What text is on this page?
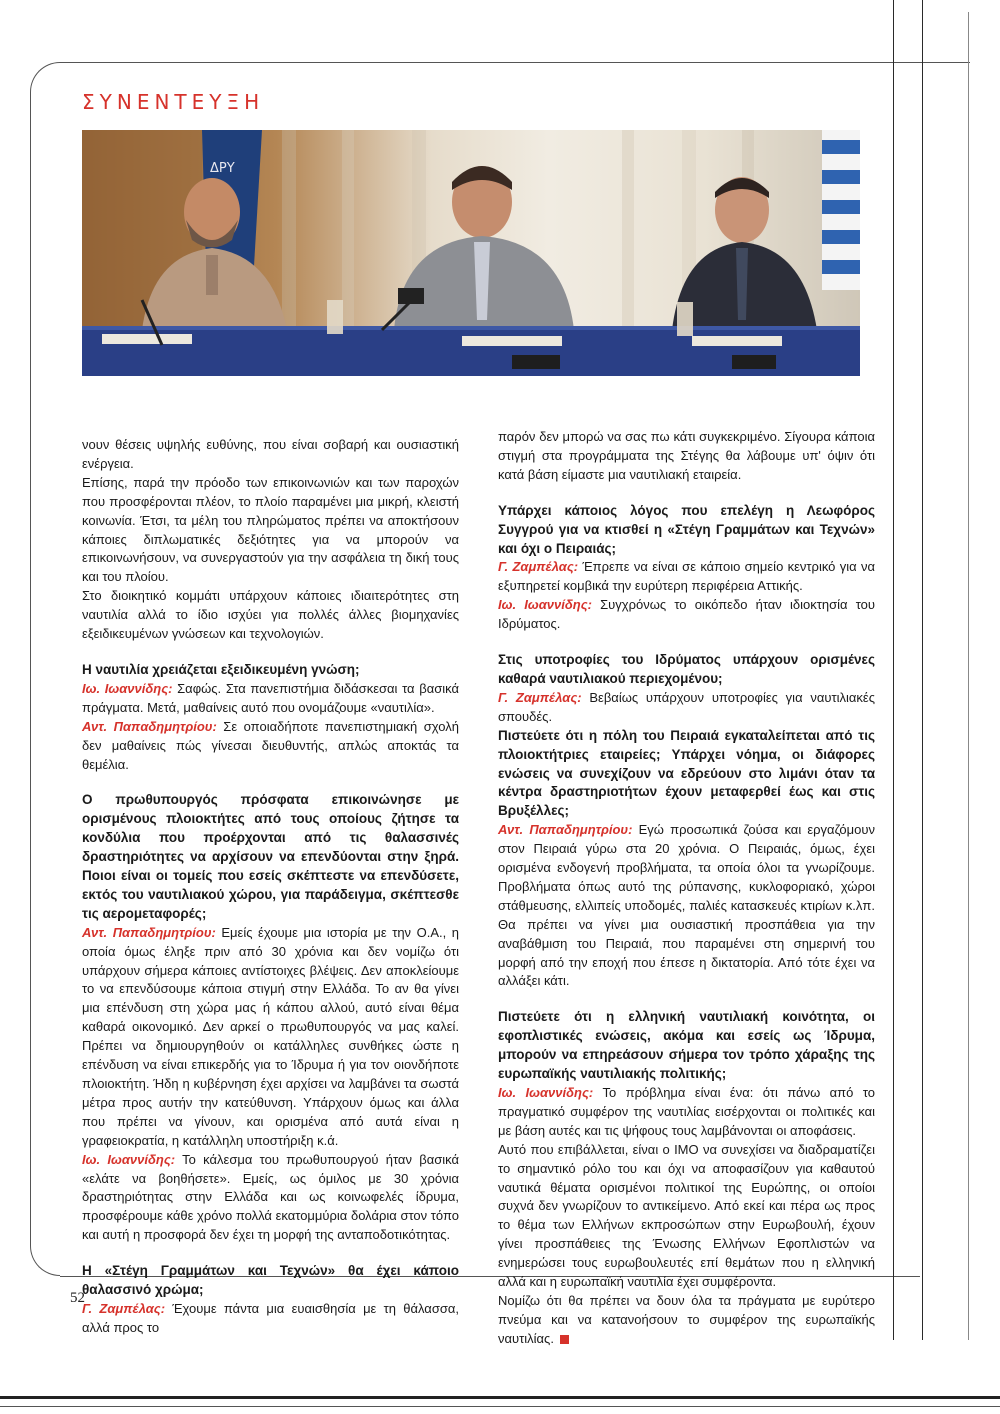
ΣΥΝΕΝΤΕΥΞΗ
ΔΡΥ

νουν θέσεις υψηλής ευθύνης, που είναι σοβαρή και ουσιαστική ενέργεια.

Επίσης, παρά την πρόοδο των επικοινωνιών και των παροχών που προσφέρονται πλέον, το πλοίο παραμένει μια μικρή, κλειστή κοινωνία. Έτσι, τα μέλη του πληρώματος πρέπει να αποκτήσουν κάποιες διπλωματικές δεξιότητες για να μπορούν να επικοινωνήσουν, να συνεργαστούν για την ασφάλεια τη δική τους και του πλοίου.

Στο διοικητικό κομμάτι υπάρχουν κάποιες ιδιαιτερότητες στη ναυτιλία αλλά το ίδιο ισχύει για πολλές άλλες βιομηχανίες εξειδικευμένων γνώσεων και τεχνολογιών.

Η ναυτιλία χρειάζεται εξειδικευμένη γνώση;

Ιω. Ιωαννίδης: Σαφώς. Στα πανεπιστήμια διδάσκεσαι τα βασικά πράγματα. Μετά, μαθαίνεις αυτό που ονομάζουμε «ναυτιλία».

Αντ. Παπαδημητρίου: Σε οποιαδήποτε πανεπιστημιακή σχολή δεν μαθαίνεις πώς γίνεσαι διευθυντής, απλώς αποκτάς τα θεμέλια.

Ο πρωθυπουργός πρόσφατα επικοινώνησε με ορισμένους πλοιοκτήτες από τους οποίους ζήτησε τα κονδύλια που προέρχονται από τις θαλασσινές δραστηριότητες να αρχίσουν να επενδύονται στην ξηρά. Ποιοι είναι οι τομείς που εσείς σκέπτεστε να επενδύσετε, εκτός του ναυτιλιακού χώρου, για παράδειγμα, σκέπτεσθε τις αερομεταφορές;

Αντ. Παπαδημητρίου: Εμείς έχουμε μια ιστορία με την Ο.Α., η οποία όμως έληξε πριν από 30 χρόνια και δεν νομίζω ότι υπάρχουν σήμερα κάποιες αντίστοιχες βλέψεις. Δεν αποκλείουμε το να επενδύσουμε κάποια στιγμή στην Ελλάδα. Το αν θα γίνει μια επένδυση στη χώρα μας ή κάπου αλλού, αυτό είναι θέμα καθαρά οικονομικό. Δεν αρκεί ο πρωθυπουργός να μας καλεί. Πρέπει να δημιουργηθούν οι κατάλληλες συνθήκες ώστε η επένδυση να είναι επικερδής για το Ίδρυμα ή για τον οιονδήποτε πλοιοκτήτη. Ήδη η κυβέρνηση έχει αρχίσει να λαμβάνει τα σωστά μέτρα προς αυτήν την κατεύθυνση. Υπάρχουν όμως και άλλα που πρέπει να γίνουν, και ορισμένα από αυτά είναι η γραφειοκρατία, η κατάλληλη υποστήριξη κ.ά.

Ιω. Ιωαννίδης: Το κάλεσμα του πρωθυπουργού ήταν βασικά «ελάτε να βοηθήσετε». Εμείς, ως όμιλος με 30 χρόνια δραστηριότητας στην Ελλάδα και ως κοινωφελές ίδρυμα, προσφέρουμε κάθε χρόνο πολλά εκατομμύρια δολάρια στον τόπο και αυτή η προσφορά δεν έχει τη μορφή της ανταποδοτικότητας.

Η «Στέγη Γραμμάτων και Τεχνών» θα έχει κάποιο θαλασσινό χρώμα;

Γ. Ζαμπέλας: Έχουμε πάντα μια ευαισθησία με τη θάλασσα, αλλά προς το

παρόν δεν μπορώ να σας πω κάτι συγκεκριμένο. Σίγουρα κάποια στιγμή στα προγράμματα της Στέγης θα λάβουμε υπ' όψιν ότι κατά βάση είμαστε μια ναυτιλιακή εταιρεία.

Υπάρχει κάποιος λόγος που επελέγη η Λεωφόρος Συγγρού για να κτισθεί η «Στέγη Γραμμάτων και Τεχνών» και όχι ο Πειραιάς;

Γ. Ζαμπέλας: Έπρεπε να είναι σε κάποιο σημείο κεντρικό για να εξυπηρετεί κομβικά την ευρύτερη περιφέρεια Αττικής.

Ιω. Ιωαννίδης: Συγχρόνως το οικόπεδο ήταν ιδιοκτησία του Ιδρύματος.

Στις υποτροφίες του Ιδρύματος υπάρχουν ορισμένες καθαρά ναυτιλιακού περιεχομένου;

Γ. Ζαμπέλας: Βεβαίως υπάρχουν υποτροφίες για ναυτιλιακές σπουδές.

Πιστεύετε ότι η πόλη του Πειραιά εγκαταλείπεται από τις πλοιοκτήτριες εταιρείες; Υπάρχει νόημα, οι διάφορες ενώσεις να συνεχίζουν να εδρεύουν στο λιμάνι όταν τα κέντρα δραστηριοτήτων έχουν μεταφερθεί έως και στις Βρυξέλλες;

Αντ. Παπαδημητρίου: Εγώ προσωπικά ζούσα και εργαζόμουν στον Πειραιά γύρω στα 20 χρόνια. Ο Πειραιάς, όμως, έχει ορισμένα ενδογενή προβλήματα, τα οποία όλοι τα γνωρίζουμε. Προβλήματα όπως αυτό της ρύπανσης, κυκλοφοριακό, χώροι στάθμευσης, ελλιπείς υποδομές, παλιές κατασκευές κτιρίων κ.λπ. Θα πρέπει να γίνει μια ουσιαστική προσπάθεια για την αναβάθμιση του Πειραιά, που παραμένει στη σημερινή του μορφή από την εποχή που έπεσε η δικτατορία. Από τότε έχει να αλλάξει κάτι.

Πιστεύετε ότι η ελληνική ναυτιλιακή κοινότητα, οι εφοπλιστικές ενώσεις, ακόμα και εσείς ως Ίδρυμα, μπορούν να επηρεάσουν σήμερα τον τρόπο χάραξης της ευρωπαϊκής ναυτιλιακής πολιτικής;

Ιω. Ιωαννίδης: Το πρόβλημα είναι ένα: ότι πάνω από το πραγματικό συμφέρον της ναυτιλίας εισέρχονται οι πολιτικές και με βάση αυτές και τις ψήφους τους λαμβάνονται οι αποφάσεις.

Αυτό που επιβάλλεται, είναι ο ΙΜΟ να συνεχίσει να διαδραματίζει το σημαντικό ρόλο του και όχι να αποφασίζουν για καθαυτού ναυτικά θέματα ορισμένοι πολιτικοί της Ευρώπης, οι οποίοι συχνά δεν γνωρίζουν το αντικείμενο. Από εκεί και πέρα ως προς το θέμα των Ελλήνων εκπροσώπων στην Ευρωβουλή, έχουν γίνει προσπάθειες της Ένωσης Ελλήνων Εφοπλιστών να ενημερώσει τους ευρωβουλευτές επί θεμάτων που η ελληνική αλλά και η ευρωπαϊκή ναυτιλία έχει συμφέροντα.

Νομίζω ότι θα πρέπει να δουν όλα τα πράγματα με ευρύτερο πνεύμα και να κατανοήσουν το συμφέρον της ευρωπαϊκής ναυτιλίας.

52
